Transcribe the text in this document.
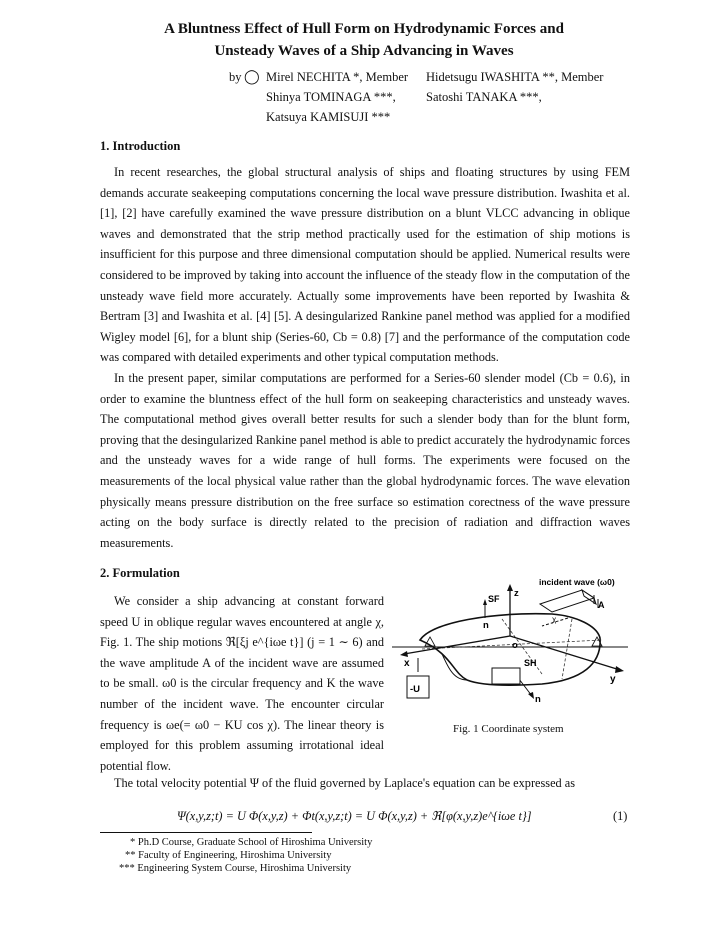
A Bluntness Effect of Hull Form on Hydrodynamic Forces and
Unsteady Waves of a Ship Advancing in Waves
by ◯ Mirel NECHITA *, Member Hidetsugu IWASHITA **, Member
Shinya TOMINAGA ***, Satoshi TANAKA ***,
Katsuya KAMISUJI ***
1. Introduction

In recent researches, the global structural analysis of ships and floating structures by using FEM demands accurate seakeeping computations concerning the local wave pressure distribution. Iwashita et al. [1], [2] have carefully examined the wave pressure distribution on a blunt VLCC advancing in oblique waves and demonstrated that the strip method practically used for the estimation of ship motions is insufficient for this purpose and three dimensional computation should be applied. Numerical results were considered to be improved by taking into account the influence of the steady flow in the computation of the unsteady wave field more accurately. Actually some improvements have been reported by Iwashita & Bertram [3] and Iwashita et al. [4] [5]. A desingularized Rankine panel method was applied for a modified Wigley model [6], for a blunt ship (Series-60, Cb = 0.8) [7] and the performance of the computation code was compared with detailed experiments and other typical computation methods.

In the present paper, similar computations are performed for a Series-60 slender model (Cb = 0.6), in order to examine the bluntness effect of the hull form on seakeeping characteristics and unsteady waves. The computational method gives overall better results for such a slender body than for the blunt form, proving that the desingularized Rankine panel method is able to predict accurately the hydrodynamic forces and the unsteady waves for a wide range of hull forms. The experiments were focused on the measurements of the local physical value rather than the global hydrodynamic forces. The wave elevation physically means pressure distribution on the free surface so estimation corectness of the wave pressure acting on the body surface is directly related to the precision of radiation and diffraction waves measurements.

2. Formulation

We consider a ship advancing at constant forward speed U in oblique regular waves encountered at angle χ, Fig. 1. The ship motions ℜ[ξj e^{iωe t}] (j = 1 ∼ 6) and the wave amplitude A of the incident wave are assumed to be small. ω0 is the circular frequency and K the wave number of the incident wave. The encounter circular frequency is ωe(= ω0 − KU cos χ). The linear theory is employed for this problem assuming irrotational ideal potential flow.

The total velocity potential Ψ of the fluid governed by Laplace's equation can be expressed as

incident wave (ω0)
A
SF z
n
o
x
y
SH
-U
n
χ
Fig. 1 Coordinate system
Ψ(x,y,z;t) = U Φ(x,y,z) + Φt(x,y,z;t) = U Φ(x,y,z) + ℜ[φ(x,y,z)e^{iωe t}]	(1)
* Ph.D Course, Graduate School of Hiroshima University
** Faculty of Engineering, Hiroshima University
*** Engineering System Course, Hiroshima University
